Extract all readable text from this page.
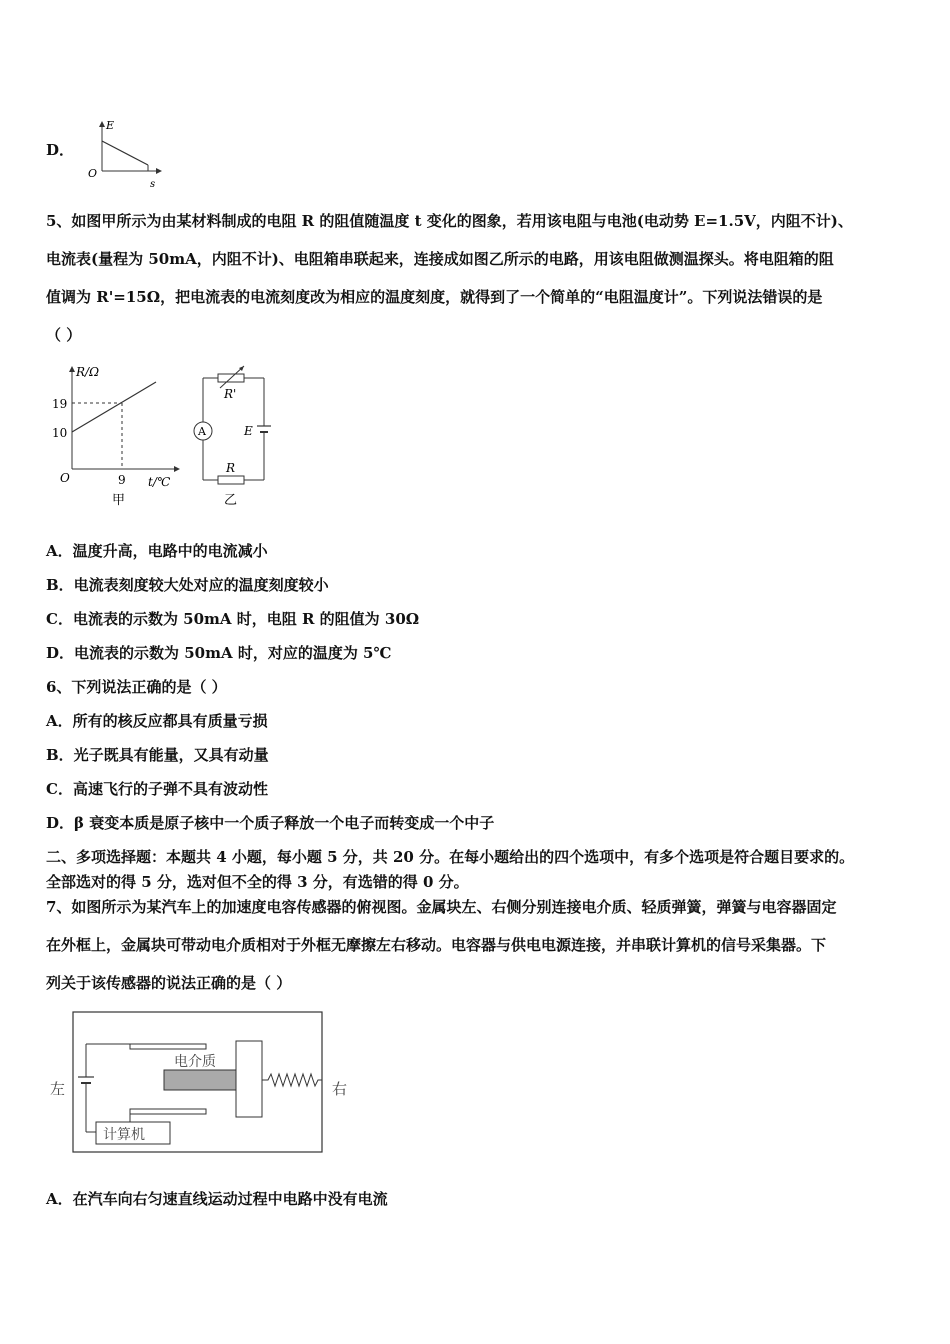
D．
E
s
O
5、如图甲所示为由某材料制成的电阻 R 的阻值随温度 t 变化的图象，若用该电阻与电池(电动势 E=1.5V，内阻不计)、
电流表(量程为 50mA，内阻不计)、电阻箱串联起来，连接成如图乙所示的电路，用该电阻做测温探头。将电阻箱的阻
值调为 R'=15Ω，把电流表的电流刻度改为相应的温度刻度，就得到了一个简单的“电阻温度计”。下列说法错误的是
（ ）
R/Ω
19
10
O	9 t/℃
甲
R'
A	E
R
乙
A．温度升高，电路中的电流减小
B．电流表刻度较大处对应的温度刻度较小
C．电流表的示数为 50mA 时，电阻 R 的阻值为 30Ω
D．电流表的示数为 50mA 时，对应的温度为 5℃
6、下列说法正确的是（ ）
A．所有的核反应都具有质量亏损
B．光子既具有能量，又具有动量
C．高速飞行的子弹不具有波动性
D．β 衰变本质是原子核中一个质子释放一个电子而转变成一个中子
二、多项选择题：本题共 4 小题，每小题 5 分，共 20 分。在每小题给出的四个选项中，有多个选项是符合题目要求的。
全部选对的得 5 分，选对但不全的得 3 分，有选错的得 0 分。
7、如图所示为某汽车上的加速度电容传感器的俯视图。金属块左、右侧分别连接电介质、轻质弹簧，弹簧与电容器固定
在外框上，金属块可带动电介质相对于外框无摩擦左右移动。电容器与供电电源连接，并串联计算机的信号采集器。下
列关于该传感器的说法正确的是（ ）
电介质
计算机
左	右
A．在汽车向右匀速直线运动过程中电路中没有电流
